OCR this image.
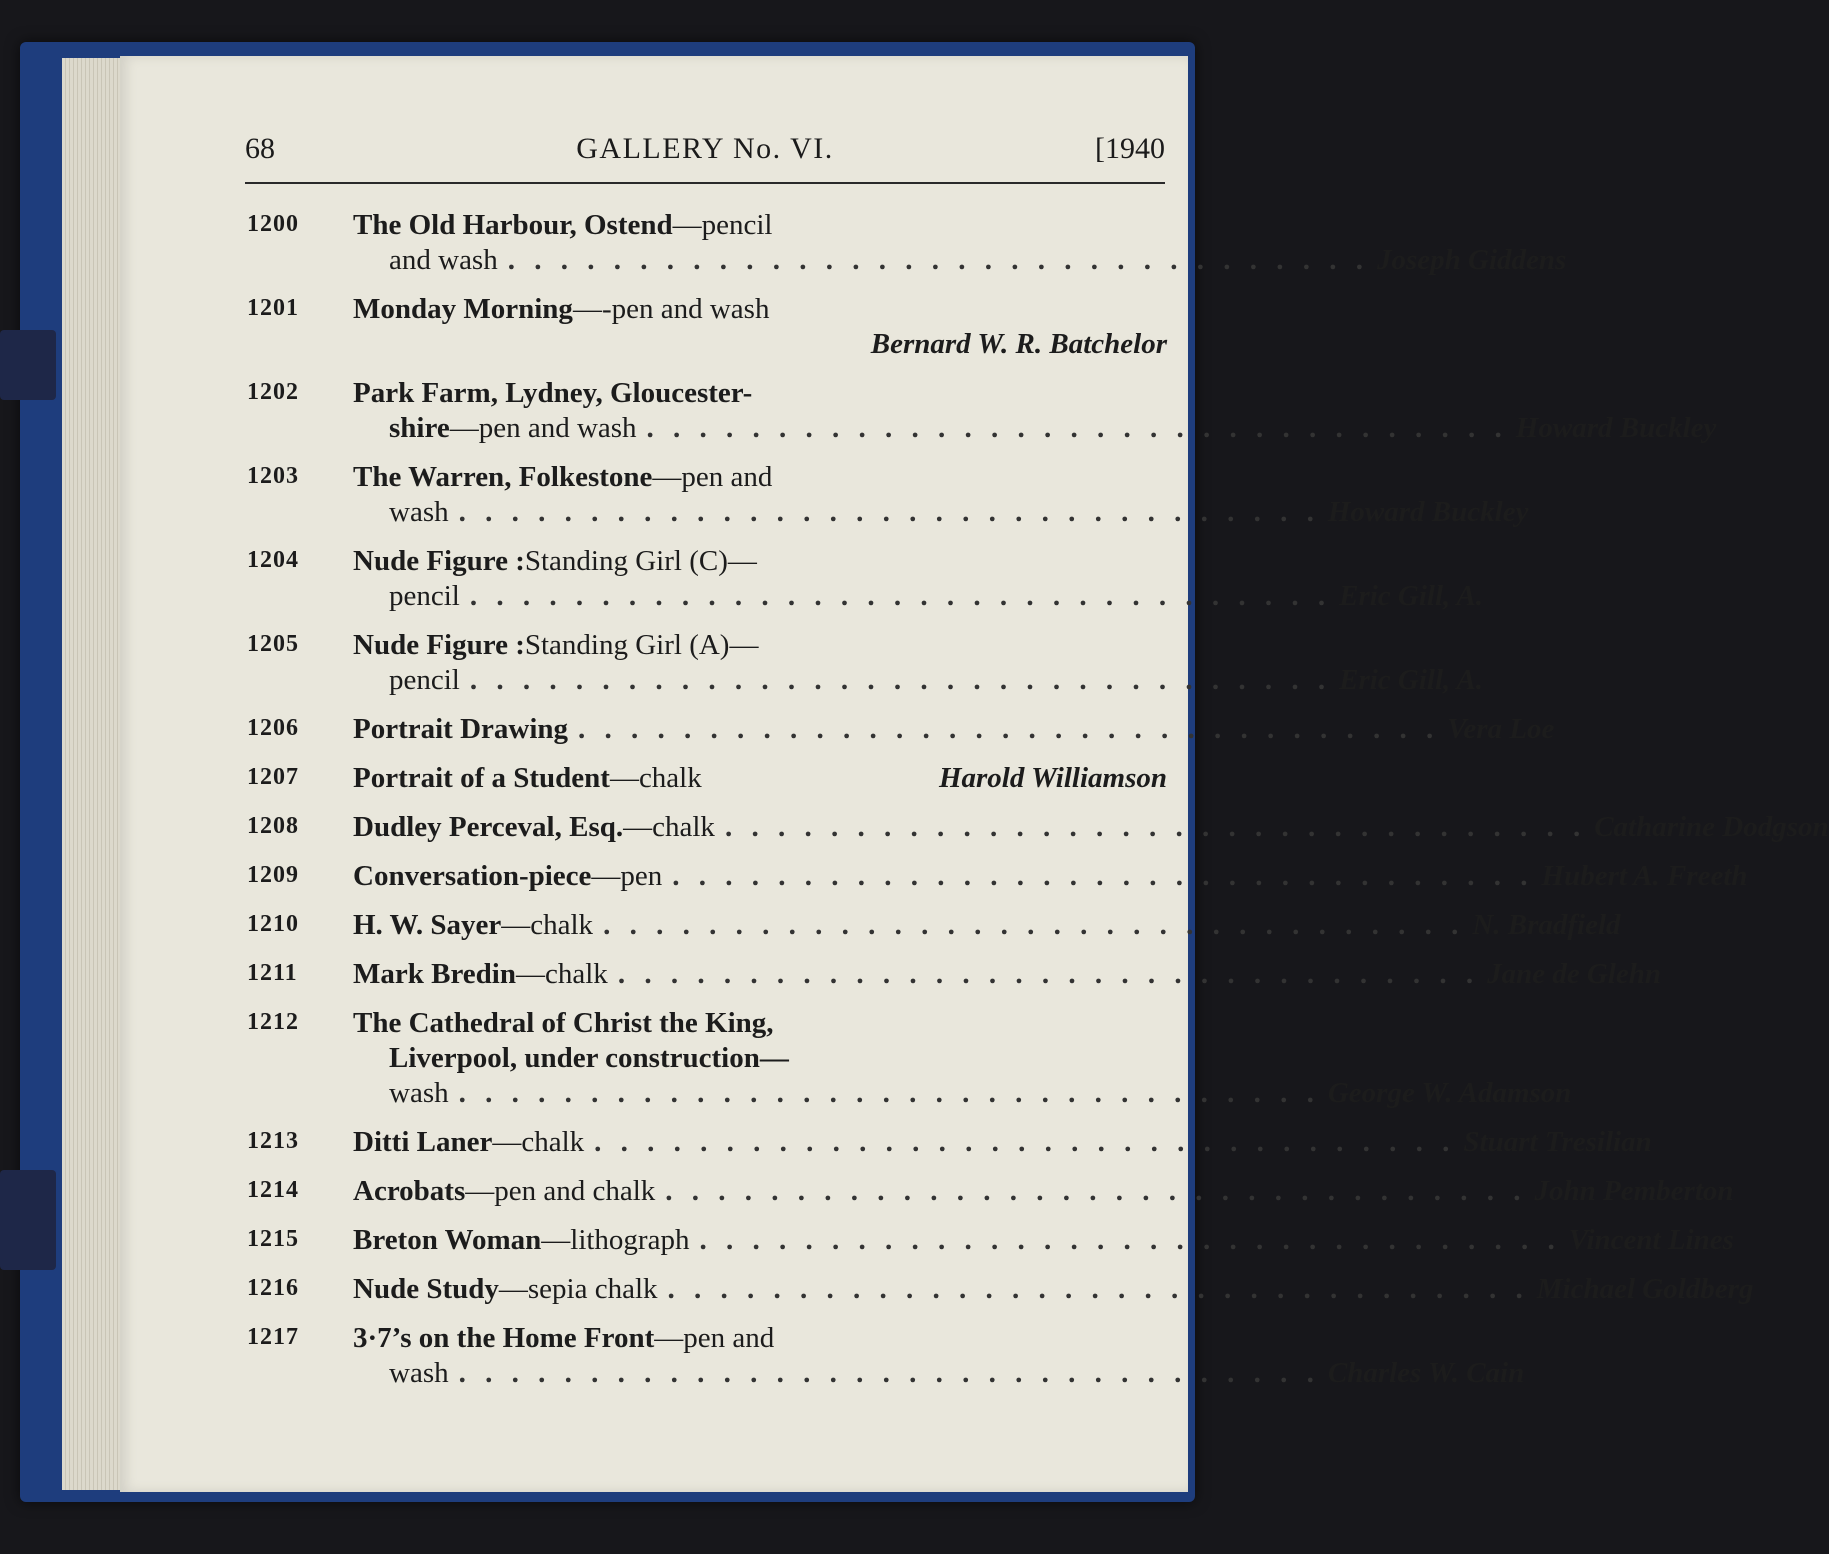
68	GALLERY No. VI.	[1940
1200 The Old Harbour, Ostend —pencil
and wash . . . . . . . . . . . . . . . . . . . . . . . . . . . . . . . . . Joseph Giddens
1201 Monday Morning —-pen and wash
Bernard W. R. Batchelor
1202 Park Farm, Lydney, Gloucester-
shire —pen and wash . . . . . . . . . . . . . . . . . . . . . . . . . . . . . . . . . Howard Buckley
1203 The Warren, Folkestone —pen and
wash . . . . . . . . . . . . . . . . . . . . . . . . . . . . . . . . . Howard Buckley
1204 Nude Figure : Standing Girl (C)—
pencil . . . . . . . . . . . . . . . . . . . . . . . . . . . . . . . . . Eric Gill, A.
1205 Nude Figure : Standing Girl (A)—
pencil . . . . . . . . . . . . . . . . . . . . . . . . . . . . . . . . . Eric Gill, A.
1206 Portrait Drawing . . . . . . . . . . . . . . . . . . . . . . . . . . . . . . . . . Vera Loe
1207 Portrait of a Student —chalk	Harold Williamson
1208 Dudley Perceval, Esq. —chalk . . . . . . . . . . . . . . . . . . . . . . . . . . . . . . . . . Catharine Dodgson
1209 Conversation-piece —pen . . . . . . . . . . . . . . . . . . . . . . . . . . . . . . . . . Hubert A. Freeth
1210 H. W. Sayer —chalk . . . . . . . . . . . . . . . . . . . . . . . . . . . . . . . . . N. Bradfield
1211 Mark Bredin —chalk . . . . . . . . . . . . . . . . . . . . . . . . . . . . . . . . . Jane de Glehn
1212 The Cathedral of Christ the King,
Liverpool, under construction—
wash . . . . . . . . . . . . . . . . . . . . . . . . . . . . . . . . . George W. Adamson
1213 Ditti Laner —chalk . . . . . . . . . . . . . . . . . . . . . . . . . . . . . . . . . Stuart Tresilian
1214 Acrobats —pen and chalk . . . . . . . . . . . . . . . . . . . . . . . . . . . . . . . . . John Pemberton
1215 Breton Woman —lithograph . . . . . . . . . . . . . . . . . . . . . . . . . . . . . . . . . Vincent Lines
1216 Nude Study —sepia chalk . . . . . . . . . . . . . . . . . . . . . . . . . . . . . . . . . Michael Goldberg
1217 3·7’s on the Home Front —pen and
wash . . . . . . . . . . . . . . . . . . . . . . . . . . . . . . . . . Charles W. Cain
